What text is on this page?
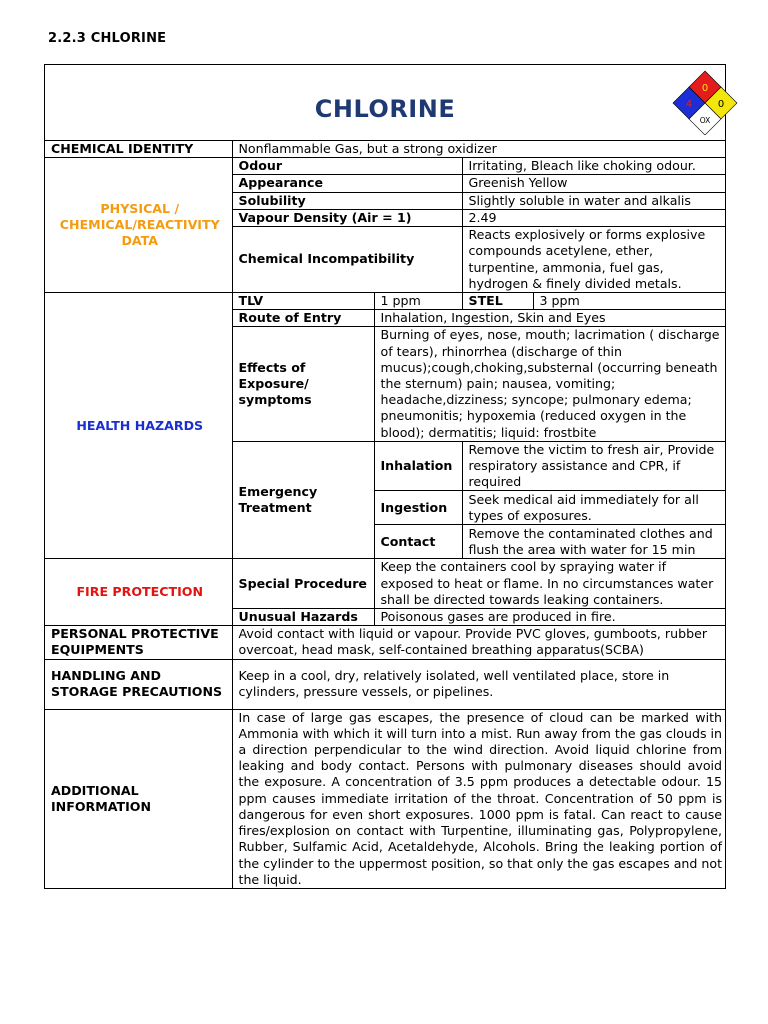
2.2.3 CHLORINE
CHLORINE
0
4	0
OX
CHEMICAL IDENTITY	Nonflammable Gas, but a strong oxidizer		
PHYSICAL / CHEMICAL/REACTIVITY DATA	Odour		Irritating, Bleach like choking odour.
	Appearance		Greenish Yellow
	Solubility		Slightly soluble in water and alkalis
	Vapour Density (Air = 1)		2.49
	Chemical Incompatibility		Reacts explosively or forms explosive compounds acetylene, ether, turpentine, ammonia, fuel gas, hydrogen & finely divided metals.
HEALTH HAZARDS	TLV	1 ppm	STEL 3 ppm

	Route of Entry	Inhalation, Ingestion, Skin and Eyes	
	Effects of Exposure/ symptoms	Burning of eyes, nose, mouth; lacrimation ( discharge of tears), rhinorrhea (discharge of thin mucus);cough,choking,substernal (occurring beneath the sternum) pain; nausea, vomiting; headache,dizziness; syncope; pulmonary edema; pneumonitis; hypoxemia (reduced oxygen in the blood); dermatitis; liquid: frostbite	
	Emergency Treatment	Inhalation	Remove the victim to fresh air, Provide respiratory assistance and CPR, if required
		Ingestion	Seek medical aid immediately for all types of exposures.
		Contact	Remove the contaminated clothes and flush the area with water for 15 min
FIRE PROTECTION	Special Procedure	Keep the containers cool by spraying water if exposed to heat or flame. In no circumstances water shall be directed towards leaking containers.	
	Unusual Hazards	Poisonous gases are produced in fire.	
PERSONAL PROTECTIVE EQUIPMENTS	Avoid contact with liquid or vapour. Provide PVC gloves, gumboots, rubber overcoat, head mask, self-contained breathing apparatus(SCBA)		
HANDLING AND STORAGE PRECAUTIONS	Keep in a cool, dry, relatively isolated, well ventilated place, store in cylinders, pressure vessels, or pipelines.		
ADDITIONAL INFORMATION	In case of large gas escapes, the presence of cloud can be marked with Ammonia with which it will turn into a mist. Run away from the gas clouds in a direction perpendicular to the wind direction. Avoid liquid chlorine from leaking and body contact. Persons with pulmonary diseases should avoid the exposure. A concentration of 3.5 ppm produces a detectable odour. 15 ppm causes immediate irritation of the throat. Concentration of 50 ppm is dangerous for even short exposures. 1000 ppm is fatal. Can react to cause fires/explosion on contact with Turpentine, illuminating gas, Polypropylene, Rubber, Sulfamic Acid, Acetaldehyde, Alcohols. Bring the leaking portion of the cylinder to the uppermost position, so that only the gas escapes and not the liquid.		
